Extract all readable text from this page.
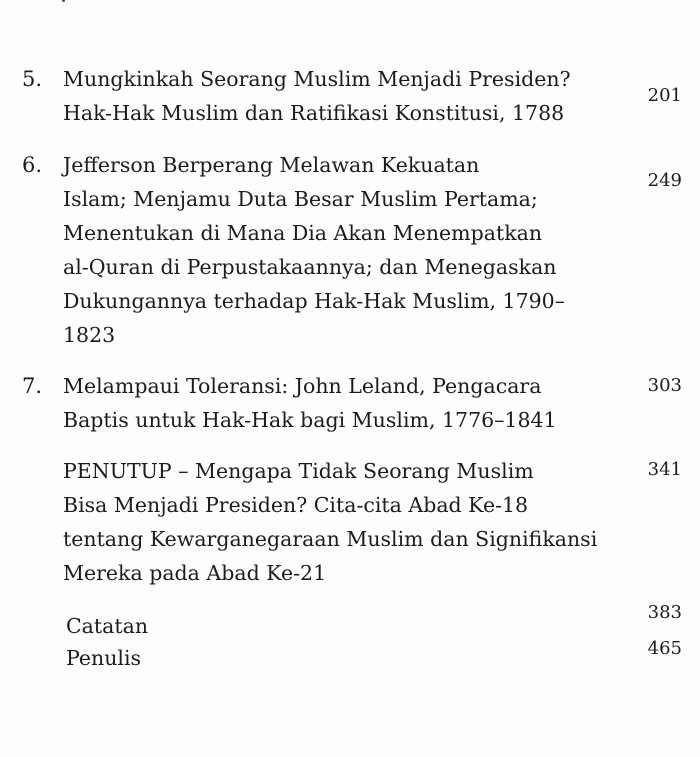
5. Mungkinkah Seorang Muslim Menjadi Presiden?
Hak-Hak Muslim dan Ratifikasi Konstitusi, 1788
201
6. Jefferson Berperang Melawan Kekuatan
Islam; Menjamu Duta Besar Muslim Pertama;
Menentukan di Mana Dia Akan Menempatkan
al-Quran di Perpustakaannya; dan Menegaskan
Dukungannya terhadap Hak-Hak Muslim, 1790–
1823
249
7. Melampaui Toleransi: John Leland, Pengacara
Baptis untuk Hak-Hak bagi Muslim, 1776–1841
303
PENUTUP – Mengapa Tidak Seorang Muslim
Bisa Menjadi Presiden? Cita-cita Abad Ke-18
tentang Kewarganegaraan Muslim dan Signifikansi
Mereka pada Abad Ke-21
341
Catatan
383
Penulis	465
